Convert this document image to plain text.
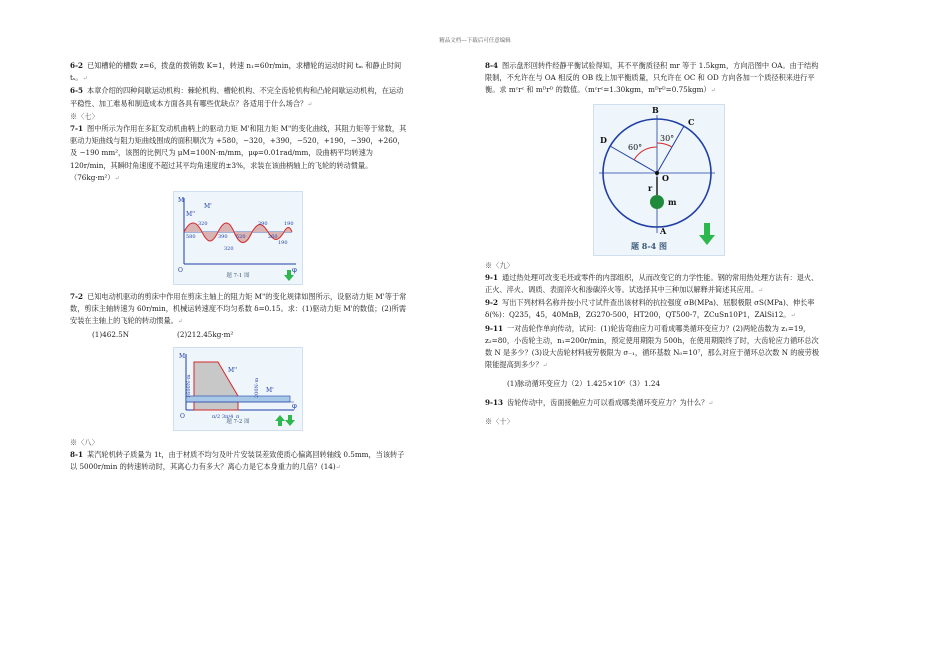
精品文档---下载后可任意编辑

6-2 已知槽轮的槽数 z=6，拨盘的拨销数 K=1，转速 n₁=60r/min，求槽轮的运动时间 tₘ 和静止时间 tₛ。↵

6-5 本章介绍的四种间歇运动机构：棘轮机构、槽轮机构、不完全齿轮机构和凸轮间歇运动机构，在运动平稳性、加工难易和制造成本方面各具有哪些优缺点？各适用于什么场合？↵

※〈七〉

7-1 图中所示为作用在多缸发动机曲柄上的驱动力矩 M'和阻力矩 M"的变化曲线，其阻力矩等于常数，其驱动力矩曲线与阻力矩曲线围成的面积顺次为 +580，−320，+390，−520，+190，−390，+260，及 −190 mm²，该图的比例尺为 μM=100N·m/mm，μφ=0.01rad/mm，设曲柄平均转速为 120r/min，其瞬时角速度不超过其平均角速度的±3%，求装在该曲柄轴上的飞轮的转动惯量。（76kg·m²）↵

M
M'
M''
320	390	190
580	390 520	260
190
320
O	φ
题 7-1 图

7-2 已知电动机驱动的剪床中作用在剪床主轴上的阻力矩 M"的变化规律如图所示，设驱动力矩 M'等于常数，剪床主轴转速为 60r/min，机械运转速度不均匀系数 δ=0.15。求：(1)驱动力矩 M'的数值；(2)所需安装在主轴上的飞轮的转动惯量。↵

(1)462.5N	(2)212.45kg·m²

M
M''
M'
1600N·m	200N·m
O	π/2 3π/4 π
φ
题 7-2 图

※〈八〉

8-1 某汽轮机转子质量为 1t，由于材质不均匀及叶片安装误差致使质心偏离回转轴线 0.5mm，当该转子以 5000r/min 的转速转动时，其离心力有多大？离心力是它本身重力的几倍？(14)↵

8-4 图示盘形回转件经静平衡试验得知，其不平衡质径积 mr 等于 1.5kgm，方向沿图中 OA。由于结构限制，不允许在与 OA 相反的 OB 线上加平衡质量，只允许在 OC 和 OD 方向各加一个质径积来进行平衡。求 mᶜrᶜ 和 mᴰrᴰ 的数值。（mᶜrᶜ=1.30kgm，mᴰrᴰ=0.75kgm）↵

B
C
D
A
O
r
m
60°
30°
题 8-4 图

※〈九〉

9-1 通过热处理可改变毛坯或零件的内部组织，从而改变它的力学性能。钢的常用热处理方法有：退火、正火、淬火、调质、表面淬火和渗碳淬火等。试选择其中三种加以解释并简述其应用。↵

9-2 写出下列材料名称并按小尺寸试件查出该材料的抗拉强度 σB(MPa)、屈服极限 σS(MPa)、伸长率 δ(%)：Q235，45，40MnB，ZG270-500，HT200，QT500-7，ZCuSn10P1，ZAlSi12。↵

9-11 一对齿轮作单向传动，试问：(1)轮齿弯曲应力可看成哪类循环变应力？(2)两轮齿数为 z₁=19，z₂=80，小齿轮主动，n₁=200r/min，预定使用期限为 500h，在使用期限终了时，大齿轮应力循环总次数 N 是多少？(3)设大齿轮材料疲劳极限为 σ₋₁，循环基数 N₀=10⁷，那么对应于循环总次数 N 的疲劳极限能提高到多少？↵

(1)脉动循环变应力（2）1.425×10⁶（3）1.24

9-13 齿轮传动中，齿面接触应力可以看成哪类循环变应力？为什么？↵

※〈十〉
